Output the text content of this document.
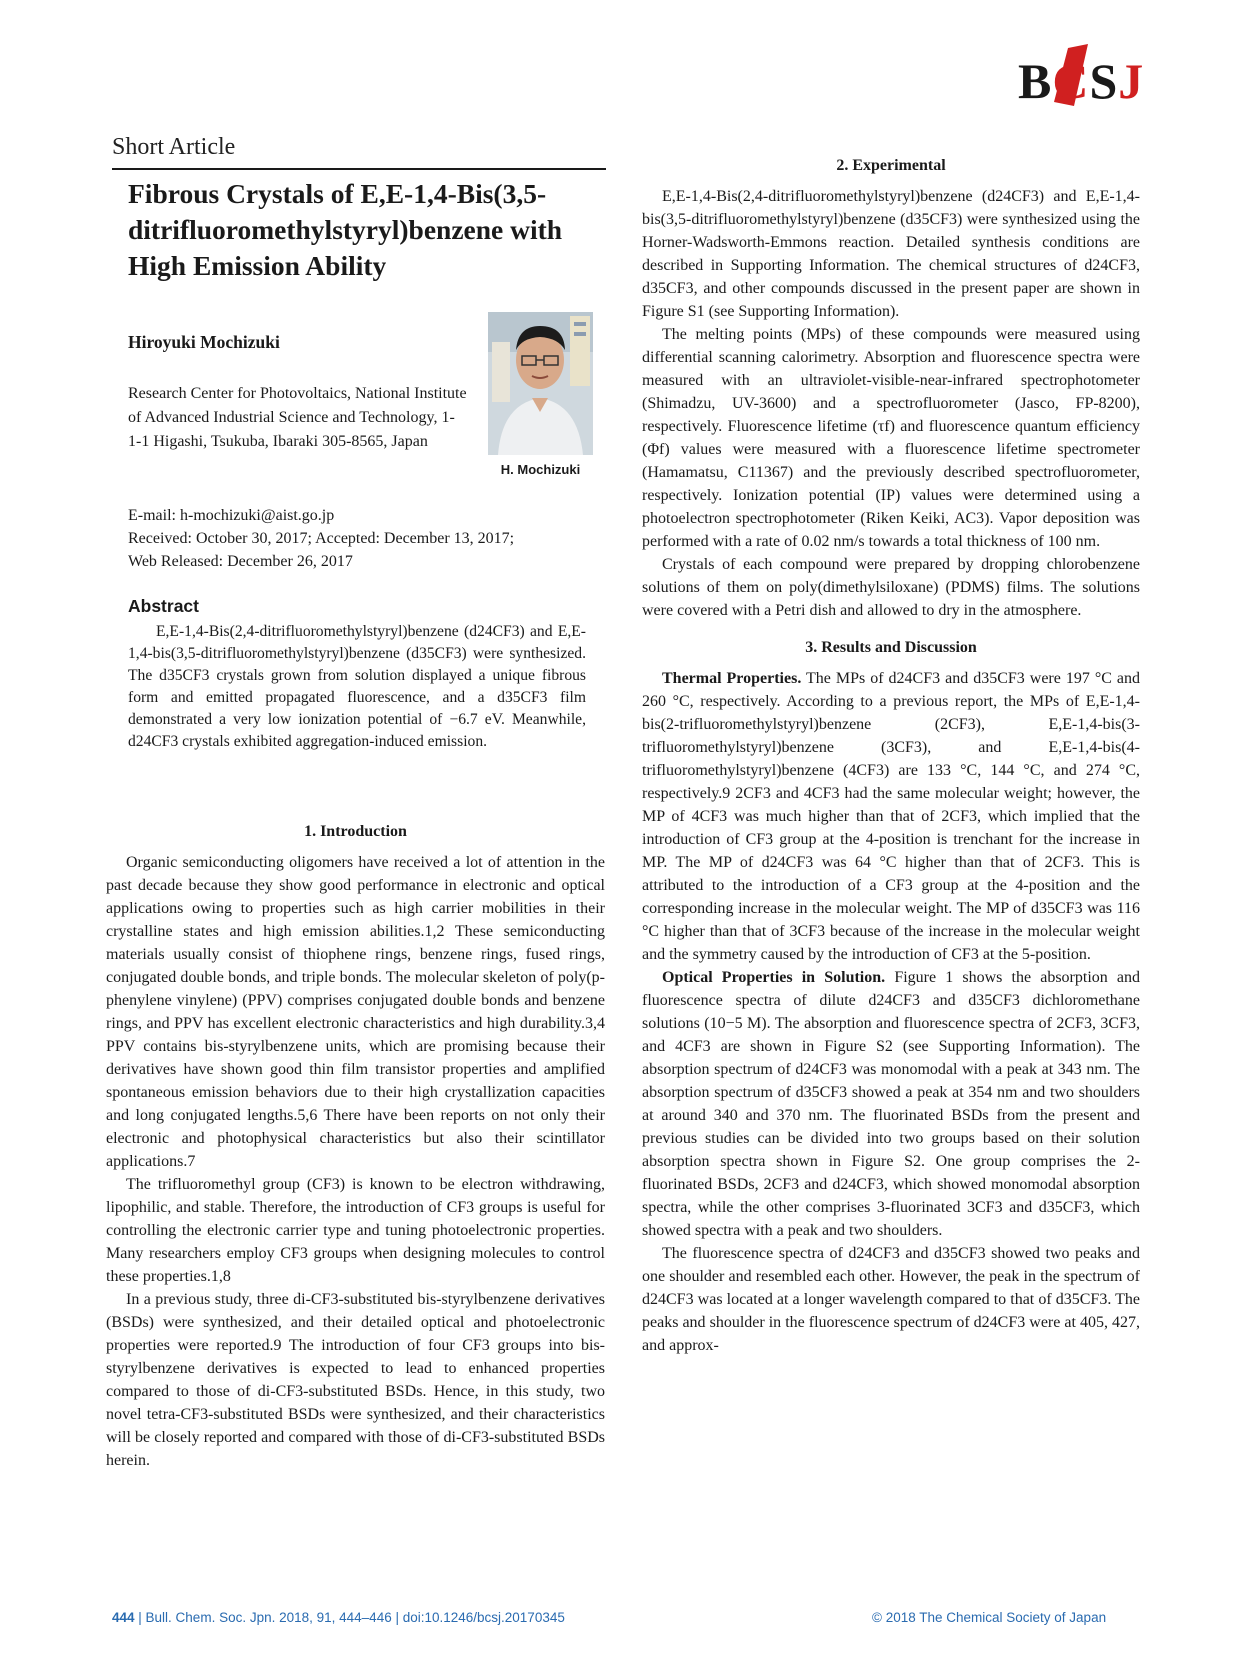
BCSJ
Short Article
Fibrous Crystals of E,E-1,4-Bis(3,5-ditrifluoromethylstyryl)benzene with High Emission Ability
Hiroyuki Mochizuki
Research Center for Photovoltaics, National Institute of Advanced Industrial Science and Technology, 1-1-1 Higashi, Tsukuba, Ibaraki 305-8565, Japan
H. Mochizuki
E-mail: h-mochizuki@aist.go.jp
Received: October 30, 2017; Accepted: December 13, 2017;
Web Released: December 26, 2017
Abstract
E,E-1,4-Bis(2,4-ditrifluoromethylstyryl)benzene (d24CF3) and E,E-1,4-bis(3,5-ditrifluoromethylstyryl)benzene (d35CF3) were synthesized. The d35CF3 crystals grown from solution displayed a unique fibrous form and emitted propagated fluorescence, and a d35CF3 film demonstrated a very low ionization potential of −6.7 eV. Meanwhile, d24CF3 crystals exhibited aggregation-induced emission.
1. Introduction

Organic semiconducting oligomers have received a lot of attention in the past decade because they show good performance in electronic and optical applications owing to properties such as high carrier mobilities in their crystalline states and high emission abilities.1,2 These semiconducting materials usually consist of thiophene rings, benzene rings, fused rings, conjugated double bonds, and triple bonds. The molecular skeleton of poly(p-phenylene vinylene) (PPV) comprises conjugated double bonds and benzene rings, and PPV has excellent electronic characteristics and high durability.3,4 PPV contains bis-styrylbenzene units, which are promising because their derivatives have shown good thin film transistor properties and amplified spontaneous emission behaviors due to their high crystallization capacities and long conjugated lengths.5,6 There have been reports on not only their electronic and photophysical characteristics but also their scintillator applications.7

The trifluoromethyl group (CF3) is known to be electron withdrawing, lipophilic, and stable. Therefore, the introduction of CF3 groups is useful for controlling the electronic carrier type and tuning photoelectronic properties. Many researchers employ CF3 groups when designing molecules to control these properties.1,8

In a previous study, three di-CF3-substituted bis-styrylbenzene derivatives (BSDs) were synthesized, and their detailed optical and photoelectronic properties were reported.9 The introduction of four CF3 groups into bis-styrylbenzene derivatives is expected to lead to enhanced properties compared to those of di-CF3-substituted BSDs. Hence, in this study, two novel tetra-CF3-substituted BSDs were synthesized, and their characteristics will be closely reported and compared with those of di-CF3-substituted BSDs herein.

2. Experimental

E,E-1,4-Bis(2,4-ditrifluoromethylstyryl)benzene (d24CF3) and E,E-1,4-bis(3,5-ditrifluoromethylstyryl)benzene (d35CF3) were synthesized using the Horner-Wadsworth-Emmons reaction. Detailed synthesis conditions are described in Supporting Information. The chemical structures of d24CF3, d35CF3, and other compounds discussed in the present paper are shown in Figure S1 (see Supporting Information).

The melting points (MPs) of these compounds were measured using differential scanning calorimetry. Absorption and fluorescence spectra were measured with an ultraviolet-visible-near-infrared spectrophotometer (Shimadzu, UV-3600) and a spectrofluorometer (Jasco, FP-8200), respectively. Fluorescence lifetime (τf) and fluorescence quantum efficiency (Φf) values were measured with a fluorescence lifetime spectrometer (Hamamatsu, C11367) and the previously described spectrofluorometer, respectively. Ionization potential (IP) values were determined using a photoelectron spectrophotometer (Riken Keiki, AC3). Vapor deposition was performed with a rate of 0.02 nm/s towards a total thickness of 100 nm.

Crystals of each compound were prepared by dropping chlorobenzene solutions of them on poly(dimethylsiloxane) (PDMS) films. The solutions were covered with a Petri dish and allowed to dry in the atmosphere.

3. Results and Discussion

Thermal Properties. The MPs of d24CF3 and d35CF3 were 197 °C and 260 °C, respectively. According to a previous report, the MPs of E,E-1,4-bis(2-trifluoromethylstyryl)benzene (2CF3), E,E-1,4-bis(3-trifluoromethylstyryl)benzene (3CF3), and E,E-1,4-bis(4-trifluoromethylstyryl)benzene (4CF3) are 133 °C, 144 °C, and 274 °C, respectively.9 2CF3 and 4CF3 had the same molecular weight; however, the MP of 4CF3 was much higher than that of 2CF3, which implied that the introduction of CF3 group at the 4-position is trenchant for the increase in MP. The MP of d24CF3 was 64 °C higher than that of 2CF3. This is attributed to the introduction of a CF3 group at the 4-position and the corresponding increase in the molecular weight. The MP of d35CF3 was 116 °C higher than that of 3CF3 because of the increase in the molecular weight and the symmetry caused by the introduction of CF3 at the 5-position.

Optical Properties in Solution. Figure 1 shows the absorption and fluorescence spectra of dilute d24CF3 and d35CF3 dichloromethane solutions (10−5 M). The absorption and fluorescence spectra of 2CF3, 3CF3, and 4CF3 are shown in Figure S2 (see Supporting Information). The absorption spectrum of d24CF3 was monomodal with a peak at 343 nm. The absorption spectrum of d35CF3 showed a peak at 354 nm and two shoulders at around 340 and 370 nm. The fluorinated BSDs from the present and previous studies can be divided into two groups based on their solution absorption spectra shown in Figure S2. One group comprises the 2-fluorinated BSDs, 2CF3 and d24CF3, which showed monomodal absorption spectra, while the other comprises 3-fluorinated 3CF3 and d35CF3, which showed spectra with a peak and two shoulders.

The fluorescence spectra of d24CF3 and d35CF3 showed two peaks and one shoulder and resembled each other. However, the peak in the spectrum of d24CF3 was located at a longer wavelength compared to that of d35CF3. The peaks and shoulder in the fluorescence spectrum of d24CF3 were at 405, 427, and approx-

444 | Bull. Chem. Soc. Jpn. 2018, 91, 444–446 | doi:10.1246/bcsj.20170345	© 2018 The Chemical Society of Japan
